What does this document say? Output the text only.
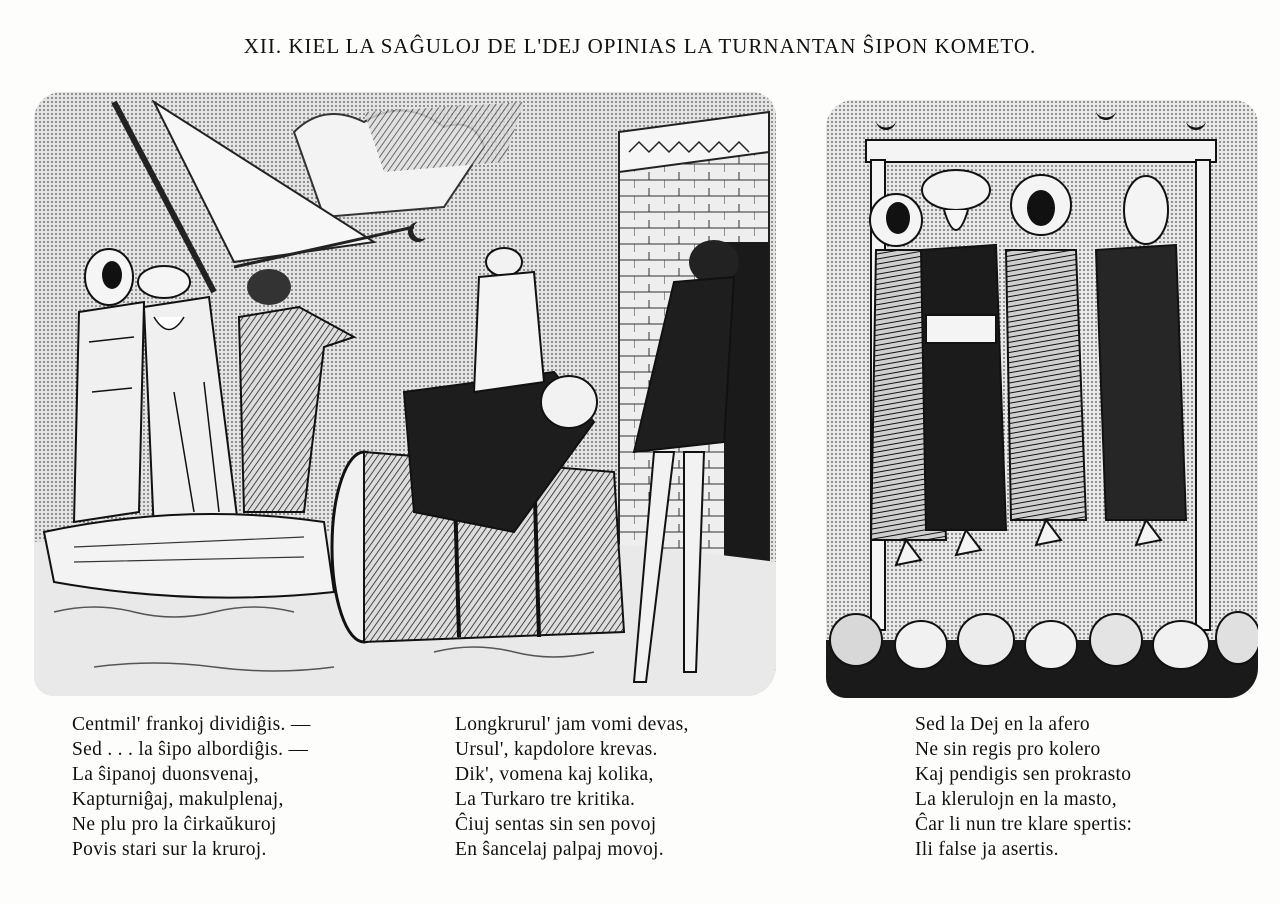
XII. KIEL LA SAĜULOJ DE L'DEJ OPINIAS LA TURNANTAN ŜIPON KOMETO.
Centmil' frankoj dividiĝis. —
Sed . . . la ŝipo albordiĝis. —
La ŝipanoj duonsvenaj,
Kapturniĝaj, makulplenaj,
Ne plu pro la ĉirkaŭkuroj
Povis stari sur la kruroj.
Longkrurul' jam vomi devas,
Ursul', kapdolore krevas.
Dik', vomena kaj kolika,
La Turkaro tre kritika.
Ĉiuj sentas sin sen povoj
En ŝancelaj palpaj movoj.
Sed la Dej en la afero
Ne sin regis pro kolero
Kaj pendigis sen prokrasto
La klerulojn en la masto,
Ĉar li nun tre klare spertis:
Ili false ja asertis.
